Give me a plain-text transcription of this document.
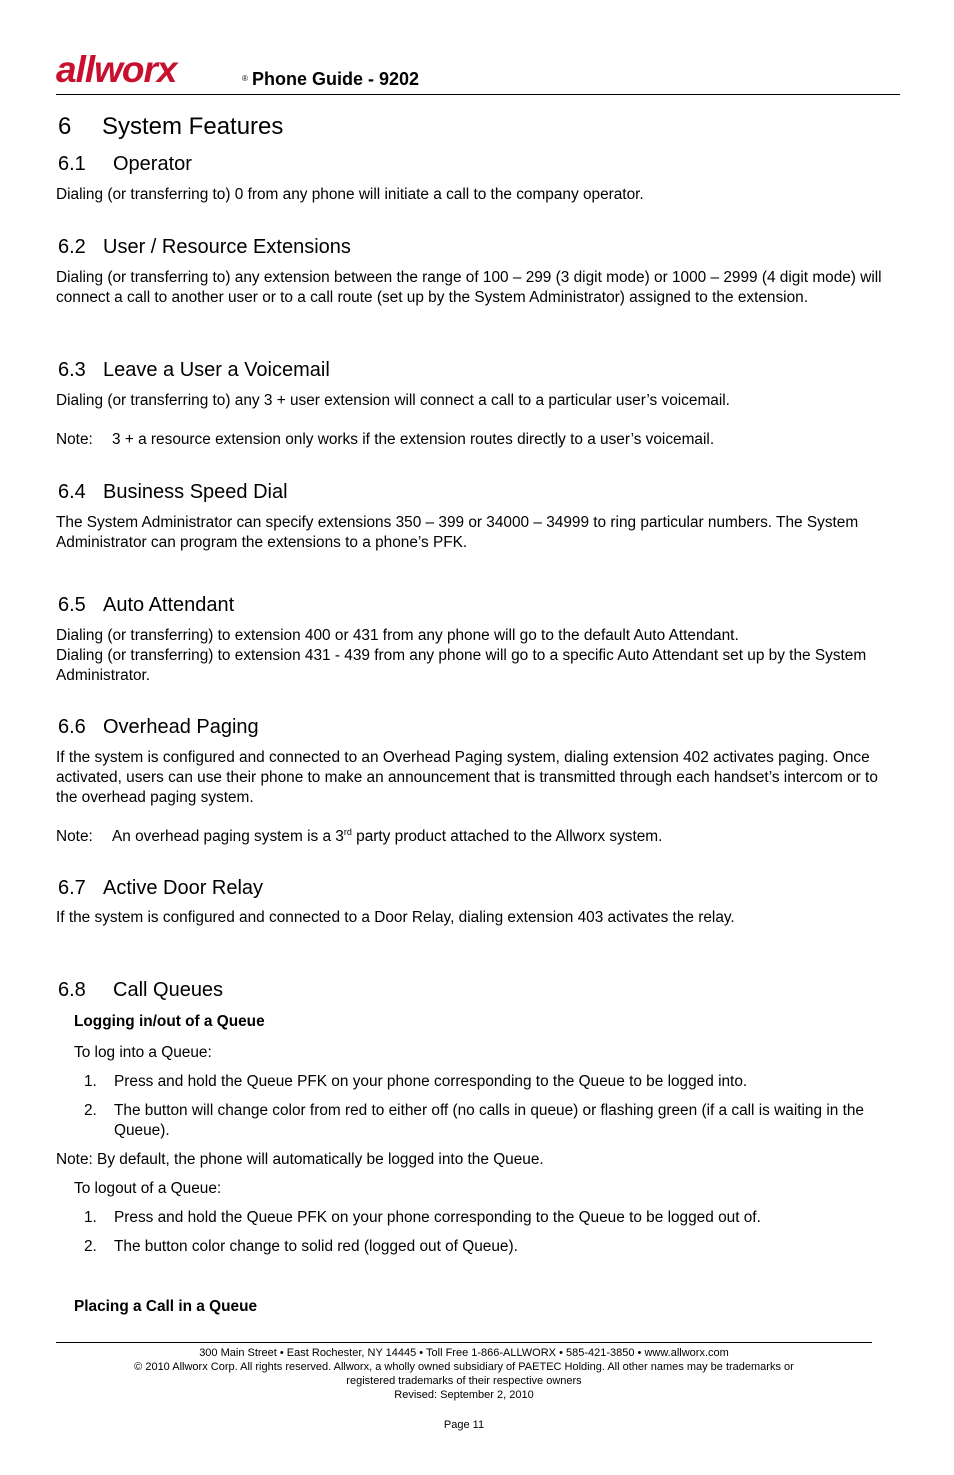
allworx	® Phone Guide - 9202
6 System Features
6.1 Operator
Dialing (or transferring to) 0 from any phone will initiate a call to the company operator.
6.2 User / Resource Extensions
Dialing (or transferring to) any extension between the range of 100 – 299 (3 digit mode) or 1000 – 2999 (4 digit mode) will connect a call to another user or to a call route (set up by the System Administrator) assigned to the extension.
6.3 Leave a User a Voicemail
Dialing (or transferring to) any 3 + user extension will connect a call to a particular user’s voicemail.
Note: 3 + a resource extension only works if the extension routes directly to a user’s voicemail.
6.4 Business Speed Dial
The System Administrator can specify extensions 350 – 399 or 34000 – 34999 to ring particular numbers. The System Administrator can program the extensions to a phone’s PFK.
6.5 Auto Attendant
Dialing (or transferring) to extension 400 or 431 from any phone will go to the default Auto Attendant.
Dialing (or transferring) to extension 431 - 439 from any phone will go to a specific Auto Attendant set up by the System Administrator.
6.6 Overhead Paging
If the system is configured and connected to an Overhead Paging system, dialing extension 402 activates paging. Once activated, users can use their phone to make an announcement that is transmitted through each handset’s intercom or to the overhead paging system.
Note: An overhead paging system is a 3rd party product attached to the Allworx system.
6.7 Active Door Relay
If the system is configured and connected to a Door Relay, dialing extension 403 activates the relay.
6.8 Call Queues
Logging in/out of a Queue
To log into a Queue:
1. Press and hold the Queue PFK on your phone corresponding to the Queue to be logged into.
2. The button will change color from red to either off (no calls in queue) or flashing green (if a call is waiting in the Queue).
Note: By default, the phone will automatically be logged into the Queue.
To logout of a Queue:
1. Press and hold the Queue PFK on your phone corresponding to the Queue to be logged out of.
2. The button color change to solid red (logged out of Queue).
Placing a Call in a Queue
300 Main Street • East Rochester, NY 14445 • Toll Free 1-866-ALLWORX • 585-421-3850 • www.allworx.com
© 2010 Allworx Corp. All rights reserved. Allworx, a wholly owned subsidiary of PAETEC Holding. All other names may be trademarks or
registered trademarks of their respective owners
Revised: September 2, 2010
Page 11
